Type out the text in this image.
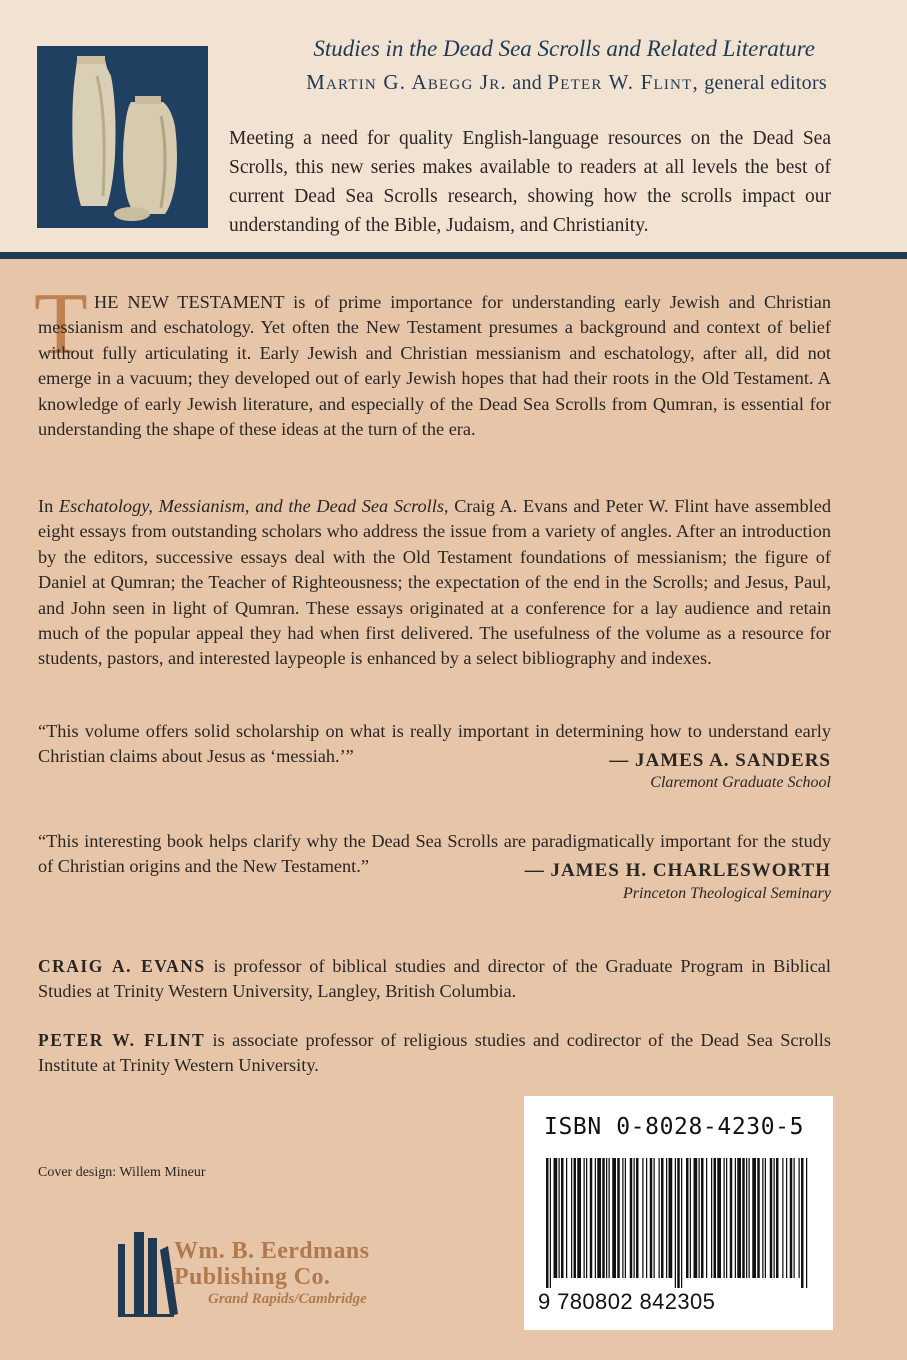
Studies in the Dead Sea Scrolls and Related Literature
Martin G. Abegg Jr. and Peter W. Flint, general editors
Meeting a need for quality English-language resources on the Dead Sea Scrolls, this new series makes available to readers at all levels the best of current Dead Sea Scrolls research, showing how the scrolls impact our understanding of the Bible, Judaism, and Christianity.
T HE NEW TESTAMENT is of prime importance for understanding early Jewish and Christian messianism and eschatology. Yet often the New Testament presumes a background and context of belief without fully articulating it. Early Jewish and Christian messianism and eschatology, after all, did not emerge in a vacuum; they developed out of early Jewish hopes that had their roots in the Old Testament. A knowledge of early Jewish literature, and especially of the Dead Sea Scrolls from Qumran, is essential for understanding the shape of these ideas at the turn of the era.

In Eschatology, Messianism, and the Dead Sea Scrolls, Craig A. Evans and Peter W. Flint have assembled eight essays from outstanding scholars who address the issue from a variety of angles. After an introduction by the editors, successive essays deal with the Old Testament foundations of messianism; the figure of Daniel at Qumran; the Teacher of Righteousness; the expectation of the end in the Scrolls; and Jesus, Paul, and John seen in light of Qumran. These essays originated at a conference for a lay audience and retain much of the popular appeal they had when first delivered. The usefulness of the volume as a resource for students, pastors, and interested laypeople is enhanced by a select bibliography and indexes.

“This volume offers solid scholarship on what is really important in determining how to understand early Christian claims about Jesus as ‘messiah.’”	— JAMES A. SANDERS
Claremont Graduate School
“This interesting book helps clarify why the Dead Sea Scrolls are paradigmatically important for the study of Christian origins and the New Testament.”	— JAMES H. CHARLESWORTH
Princeton Theological Seminary
CRAIG A. EVANS is professor of biblical studies and director of the Graduate Program in Biblical Studies at Trinity Western University, Langley, British Columbia.
PETER W. FLINT is associate professor of religious studies and codirector of the Dead Sea Scrolls Institute at Trinity Western University.
Cover design: Willem Mineur
Wm. B. Eerdmans
Publishing Co.
Grand Rapids/Cambridge
ISBN 0-8028-4230-5
9 780802 842305
